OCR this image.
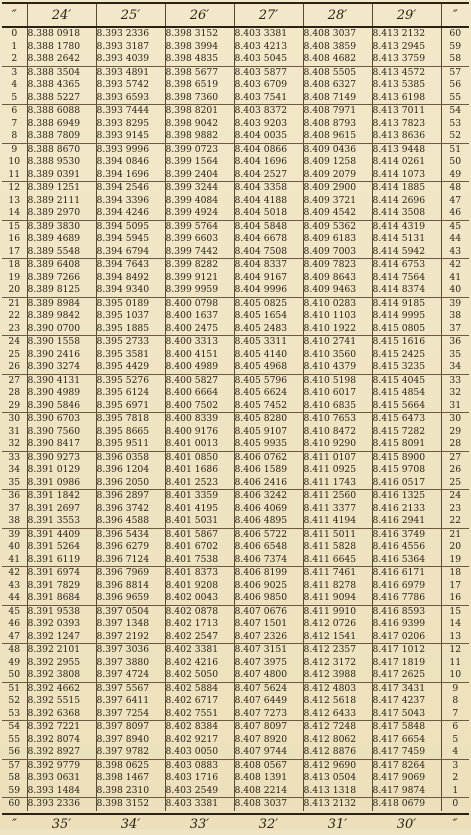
″	24′	25′	26′	27′	28′	29′	″
0	8.388 0918	8.393 2336	8.398 3152	8.403 3381	8.408 3037	8.413 2132	60
1	8.388 1780	8.393 3187	8.398 3994	8.403 4213	8.408 3859	8.413 2945	59
2	8.388 2642	8.393 4039	8.398 4835	8.403 5045	8.408 4682	8.413 3759	58
3	8.388 3504	8.393 4891	8.398 5677	8.403 5877	8.408 5505	8.413 4572	57
4	8.388 4365	8.393 5742	8.398 6519	8.403 6709	8.408 6327	8.413 5385	56
5	8.388 5227	8.393 6593	8.398 7360	8.403 7541	8.408 7149	8.413 6198	55
6	8.388 6088	8.393 7444	8.398 8201	8.403 8372	8.408 7971	8.413 7011	54
7	8.388 6949	8.393 8295	8.398 9042	8.403 9203	8.408 8793	8.413 7823	53
8	8.388 7809	8.393 9145	8.398 9882	8.404 0035	8.408 9615	8.413 8636	52
9	8.388 8670	8.393 9996	8.399 0723	8.404 0866	8.409 0436	8.413 9448	51
10	8.388 9530	8.394 0846	8.399 1564	8.404 1696	8.409 1258	8.414 0261	50
11	8.389 0391	8.394 1696	8.399 2404	8.404 2527	8.409 2079	8.414 1073	49
12	8.389 1251	8.394 2546	8.399 3244	8.404 3358	8.409 2900	8.414 1885	48
13	8.389 2111	8.394 3396	8.399 4084	8.404 4188	8.409 3721	8.414 2696	47
14	8.389 2970	8.394 4246	8.399 4924	8.404 5018	8.409 4542	8.414 3508	46
15	8.389 3830	8.394 5095	8.399 5764	8.404 5848	8.409 5362	8.414 4319	45
16	8.389 4689	8.394 5945	8.399 6603	8.404 6678	8.409 6183	8.414 5131	44
17	8.389 5548	8.394 6794	8.399 7442	8.404 7508	8.409 7003	8.414 5942	43
18	8.389 6408	8.394 7643	8.399 8282	8.404 8337	8.409 7823	8.414 6753	42
19	8.389 7266	8.394 8492	8.399 9121	8.404 9167	8.409 8643	8.414 7564	41
20	8.389 8125	8.394 9340	8.399 9959	8.404 9996	8.409 9463	8.414 8374	40
21	8.389 8984	8.395 0189	8.400 0798	8.405 0825	8.410 0283	8.414 9185	39
22	8.389 9842	8.395 1037	8.400 1637	8.405 1654	8.410 1103	8.414 9995	38
23	8.390 0700	8.395 1885	8.400 2475	8.405 2483	8.410 1922	8.415 0805	37
24	8.390 1558	8.395 2733	8.400 3313	8.405 3311	8.410 2741	8.415 1616	36
25	8.390 2416	8.395 3581	8.400 4151	8.405 4140	8.410 3560	8.415 2425	35
26	8.390 3274	8.395 4429	8.400 4989	8.405 4968	8.410 4379	8.415 3235	34
27	8.390 4131	8.395 5276	8.400 5827	8.405 5796	8.410 5198	8.415 4045	33
28	8.390 4989	8.395 6124	8.400 6664	8.405 6624	8.410 6017	8.415 4854	32
29	8.390 5846	8.395 6971	8.400 7502	8.405 7452	8.410 6835	8.415 5664	31
30	8.390 6703	8.395 7818	8.400 8339	8.405 8280	8.410 7653	8.415 6473	30
31	8.390 7560	8.395 8665	8.400 9176	8.405 9107	8.410 8472	8.415 7282	29
32	8.390 8417	8.395 9511	8.401 0013	8.405 9935	8.410 9290	8.415 8091	28
33	8.390 9273	8.396 0358	8.401 0850	8.406 0762	8.411 0107	8.415 8900	27
34	8.391 0129	8.396 1204	8.401 1686	8.406 1589	8.411 0925	8.415 9708	26
35	8.391 0986	8.396 2050	8.401 2523	8.406 2416	8.411 1743	8.416 0517	25
36	8.391 1842	8.396 2897	8.401 3359	8.406 3242	8.411 2560	8.416 1325	24
37	8.391 2697	8.396 3742	8.401 4195	8.406 4069	8.411 3377	8.416 2133	23
38	8.391 3553	8.396 4588	8.401 5031	8.406 4895	8.411 4194	8.416 2941	22
39	8.391 4409	8.396 5434	8.401 5867	8.406 5722	8.411 5011	8.416 3749	21
40	8.391 5264	8.396 6279	8.401 6702	8.406 6548	8.411 5828	8.416 4556	20
41	8.391 6119	8.396 7124	8.401 7538	8.406 7374	8.411 6645	8.416 5364	19
42	8.391 6974	8.396 7969	8.401 8373	8.406 8199	8.411 7461	8.416 6171	18
43	8.391 7829	8.396 8814	8.401 9208	8.406 9025	8.411 8278	8.416 6979	17
44	8.391 8684	8.396 9659	8.402 0043	8.406 9850	8.411 9094	8.416 7786	16
45	8.391 9538	8.397 0504	8.402 0878	8.407 0676	8.411 9910	8.416 8593	15
46	8.392 0393	8.397 1348	8.402 1713	8.407 1501	8.412 0726	8.416 9399	14
47	8.392 1247	8.397 2192	8.402 2547	8.407 2326	8.412 1541	8.417 0206	13
48	8.392 2101	8.397 3036	8.402 3381	8.407 3151	8.412 2357	8.417 1012	12
49	8.392 2955	8.397 3880	8.402 4216	8.407 3975	8.412 3172	8.417 1819	11
50	8.392 3808	8.397 4724	8.402 5050	8.407 4800	8.412 3988	8.417 2625	10
51	8.392 4662	8.397 5567	8.402 5884	8.407 5624	8.412 4803	8.417 3431	9
52	8.392 5515	8.397 6411	8.402 6717	8.407 6449	8.412 5618	8.417 4237	8
53	8.392 6368	8.397 7254	8.402 7551	8.407 7273	8.412 6433	8.417 5043	7
54	8.392 7221	8.397 8097	8.402 8384	8.407 8097	8.412 7248	8.417 5848	6
55	8.392 8074	8.397 8940	8.402 9217	8.407 8920	8.412 8062	8.417 6654	5
56	8.392 8927	8.397 9782	8.403 0050	8.407 9744	8.412 8876	8.417 7459	4
57	8.392 9779	8.398 0625	8.403 0883	8.408 0567	8.412 9690	8.417 8264	3
58	8.393 0631	8.398 1467	8.403 1716	8.408 1391	8.413 0504	8.417 9069	2
59	8.393 1484	8.398 2310	8.403 2549	8.408 2214	8.413 1318	8.417 9874	1
60	8.393 2336	8.398 3152	8.403 3381	8.408 3037	8.413 2132	8.418 0679	0
″	35′	34′	33′	32′	31′	30′	″
